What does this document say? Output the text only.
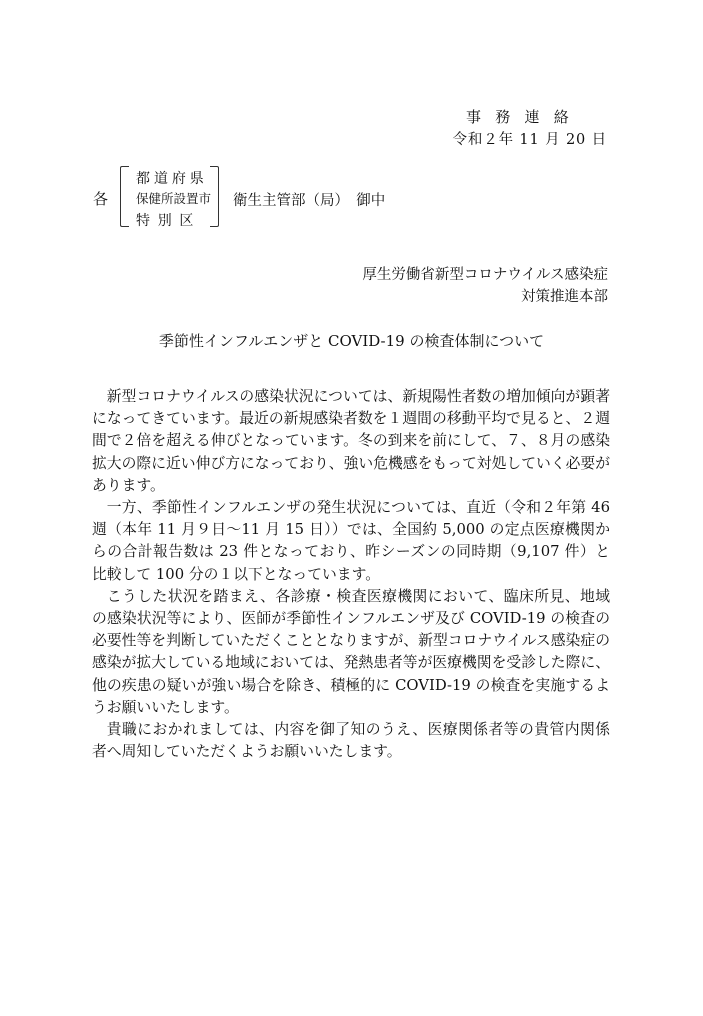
事務連絡
令和２年 11 月 20 日
各
都道府県
保健所設置市
特別区
衛生主管部（局）　御中
厚生労働省新型コロナウイルス感染症
対策推進本部
季節性インフルエンザと COVID-19 の検査体制について

新型コロナウイルスの感染状況については、新規陽性者数の増加傾向が顕著になってきています。最近の新規感染者数を１週間の移動平均で見ると、２週間で２倍を超える伸びとなっています。冬の到来を前にして、７、８月の感染拡大の際に近い伸び方になっており、強い危機感をもって対処していく必要があります。

一方、季節性インフルエンザの発生状況については、直近（令和２年第 46 週（本年 11 月９日～11 月 15 日））では、全国約 5,000 の定点医療機関からの合計報告数は 23 件となっており、昨シーズンの同時期（9,107 件）と比較して 100 分の１以下となっています。

こうした状況を踏まえ、各診療・検査医療機関において、臨床所見、地域の感染状況等により、医師が季節性インフルエンザ及び COVID-19 の検査の必要性等を判断していただくこととなりますが、新型コロナウイルス感染症の感染が拡大している地域においては、発熱患者等が医療機関を受診した際に、他の疾患の疑いが強い場合を除き、積極的に COVID-19 の検査を実施するようお願いいたします。

貴職におかれましては、内容を御了知のうえ、医療関係者等の貴管内関係者へ周知していただくようお願いいたします。
